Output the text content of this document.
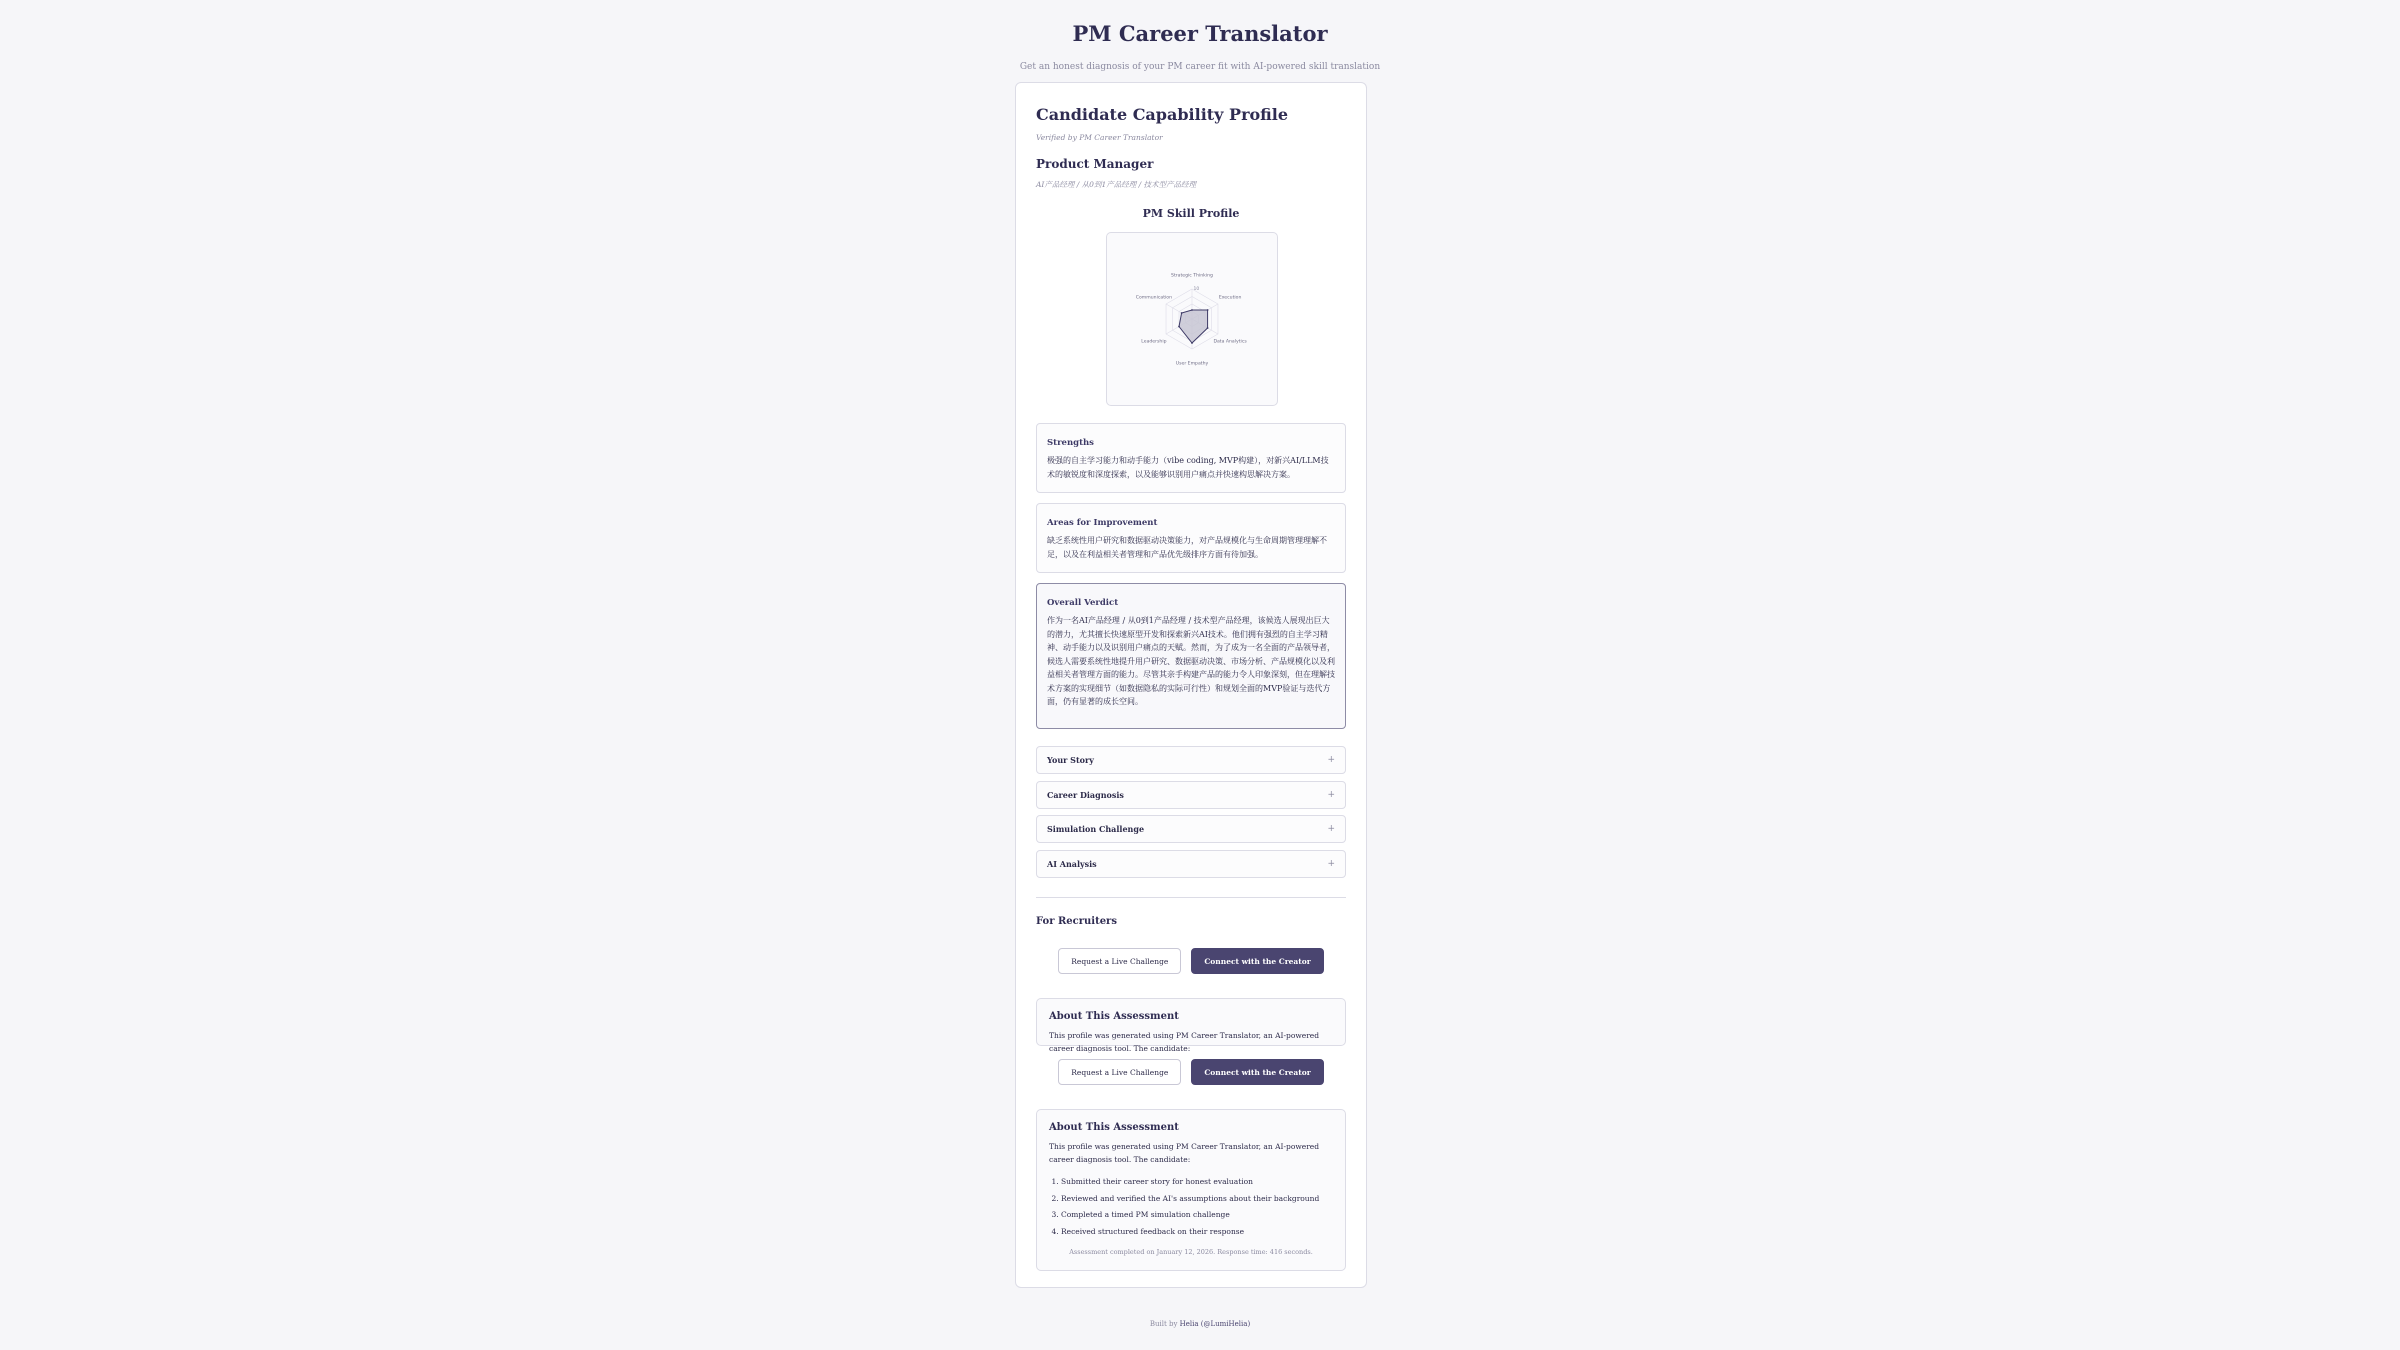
PM Career Translator
Get an honest diagnosis of your PM career fit with AI-powered skill translation
Candidate Capability Profile
Verified by PM Career Translator
Product Manager
AI产品经理 / 从0到1产品经理 / 技术型产品经理
PM Skill Profile
Strategic Thinking
Execution
Data Analytics
User Empathy
Leadership
Communication
10
Strengths

极强的自主学习能力和动手能力（vibe coding, MVP构建），对新兴AI/LLM技术的敏锐度和深度探索，以及能够识别用户痛点并快速构思解决方案。

Areas for Improvement

缺乏系统性用户研究和数据驱动决策能力，对产品规模化与生命周期管理理解不足，以及在利益相关者管理和产品优先级排序方面有待加强。

Overall Verdict

作为一名AI产品经理 / 从0到1产品经理 / 技术型产品经理，该候选人展现出巨大的潜力，尤其擅长快速原型开发和探索新兴AI技术。他们拥有强烈的自主学习精神、动手能力以及识别用户痛点的天赋。然而，为了成为一名全面的产品领导者，候选人需要系统性地提升用户研究、数据驱动决策、市场分析、产品规模化以及利益相关者管理方面的能力。尽管其亲手构建产品的能力令人印象深刻，但在理解技术方案的实现细节（如数据隐私的实际可行性）和规划全面的MVP验证与迭代方面，仍有显著的成长空间。

Your Story	+
Career Diagnosis	+
Simulation Challenge	+
AI Analysis	+
For Recruiters
Request a Live Challenge	Connect with the Creator
About This Assessment

This profile was generated using PM Career Translator, an AI-powered career diagnosis tool. The candidate:

Request a Live Challenge	Connect with the Creator
About This Assessment

This profile was generated using PM Career Translator, an AI-powered career diagnosis tool. The candidate:

1. Submitted their career story for honest evaluation
2. Reviewed and verified the AI's assumptions about their background
3. Completed a timed PM simulation challenge
4. Received structured feedback on their response
Assessment completed on January 12, 2026. Response time: 416 seconds.
Built by Helia (@LumiHelia)
